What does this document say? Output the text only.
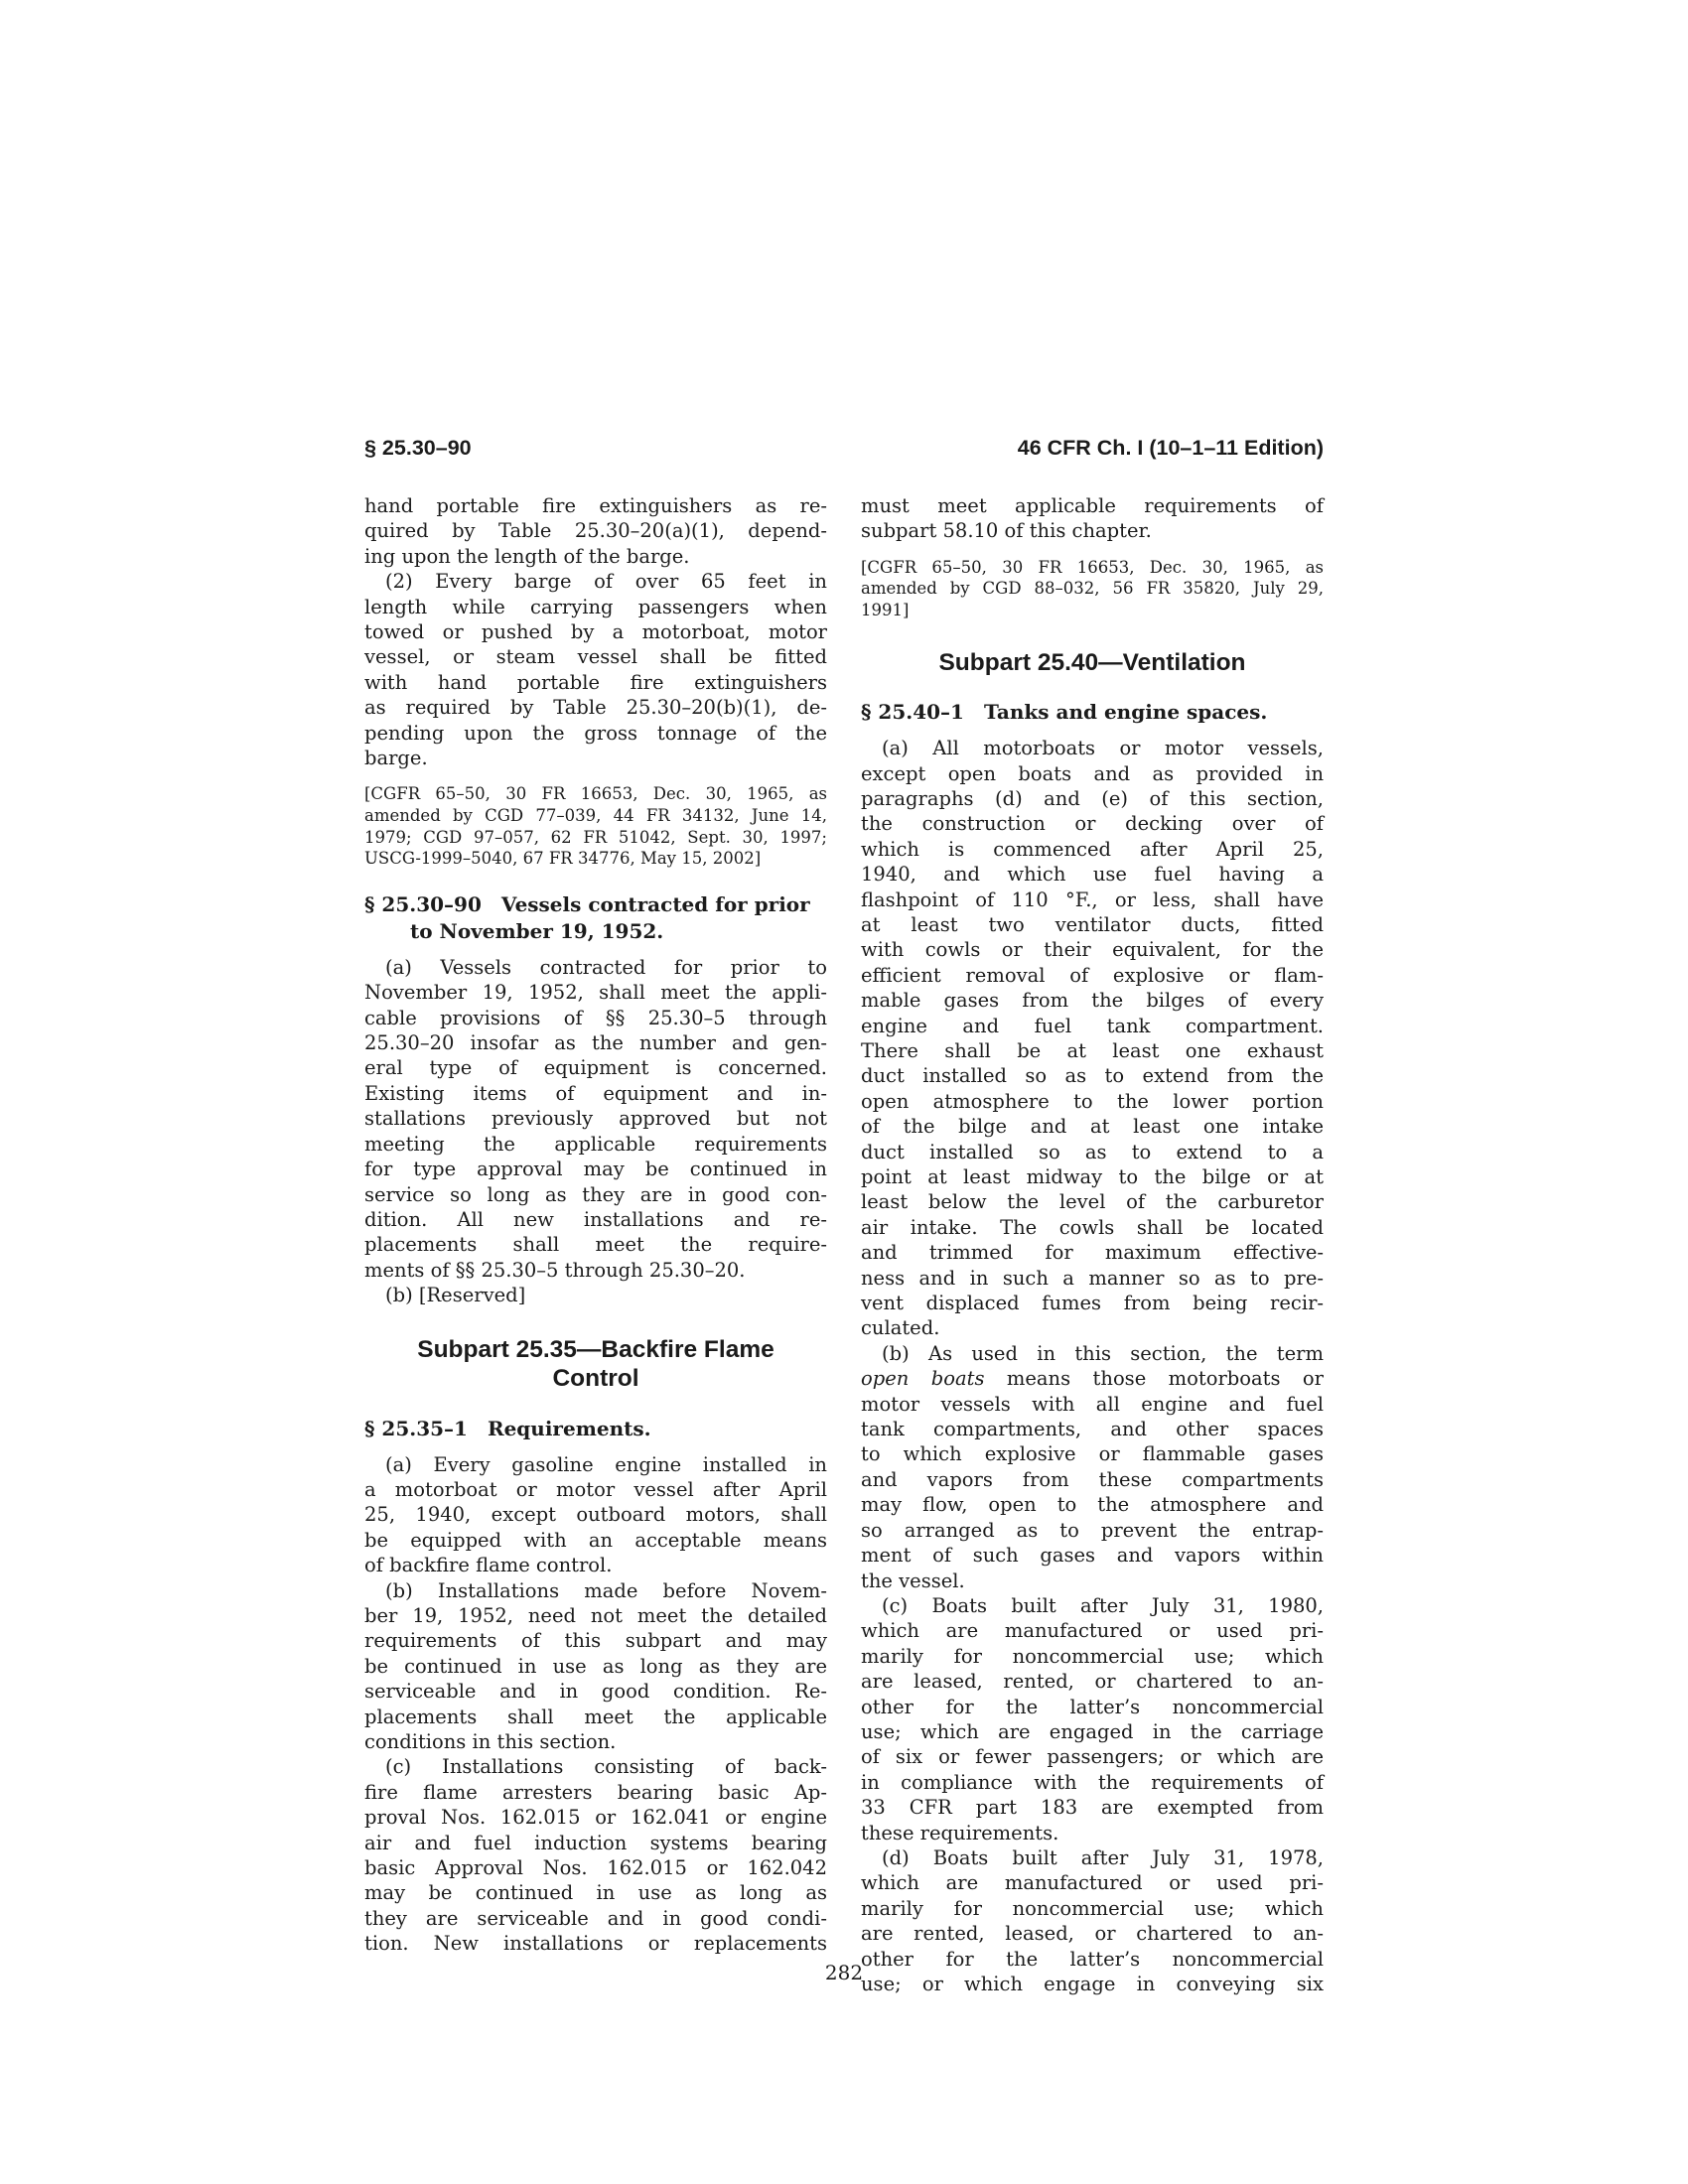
§ 25.30–90	46 CFR Ch. I (10–1–11 Edition)
hand portable fire extinguishers as re-
quired by Table 25.30–20(a)(1), depend-
ing upon the length of the barge.
(2) Every barge of over 65 feet in
length while carrying passengers when
towed or pushed by a motorboat, motor
vessel, or steam vessel shall be fitted
with hand portable fire extinguishers
as required by Table 25.30–20(b)(1), de-
pending upon the gross tonnage of the
barge.
[CGFR 65–50, 30 FR 16653, Dec. 30, 1965, as
amended by CGD 77–039, 44 FR 34132, June 14,
1979; CGD 97–057, 62 FR 51042, Sept. 30, 1997;
USCG-1999–5040, 67 FR 34776, May 15, 2002]
§ 25.30–90 Vessels contracted for prior
to November 19, 1952.
(a) Vessels contracted for prior to
November 19, 1952, shall meet the appli-
cable provisions of §§ 25.30–5 through
25.30–20 insofar as the number and gen-
eral type of equipment is concerned.
Existing items of equipment and in-
stallations previously approved but not
meeting the applicable requirements
for type approval may be continued in
service so long as they are in good con-
dition. All new installations and re-
placements shall meet the require-
ments of §§ 25.30–5 through 25.30–20.
(b) [Reserved]
Subpart 25.35—Backfire Flame
Control
§ 25.35–1 Requirements.
(a) Every gasoline engine installed in
a motorboat or motor vessel after April
25, 1940, except outboard motors, shall
be equipped with an acceptable means
of backfire flame control.
(b) Installations made before Novem-
ber 19, 1952, need not meet the detailed
requirements of this subpart and may
be continued in use as long as they are
serviceable and in good condition. Re-
placements shall meet the applicable
conditions in this section.
(c) Installations consisting of back-
fire flame arresters bearing basic Ap-
proval Nos. 162.015 or 162.041 or engine
air and fuel induction systems bearing
basic Approval Nos. 162.015 or 162.042
may be continued in use as long as
they are serviceable and in good condi-
tion. New installations or replacements
must meet applicable requirements of
subpart 58.10 of this chapter.
[CGFR 65–50, 30 FR 16653, Dec. 30, 1965, as
amended by CGD 88–032, 56 FR 35820, July 29,
1991]
Subpart 25.40—Ventilation
§ 25.40–1 Tanks and engine spaces.
(a) All motorboats or motor vessels,
except open boats and as provided in
paragraphs (d) and (e) of this section,
the construction or decking over of
which is commenced after April 25,
1940, and which use fuel having a
flashpoint of 110 °F., or less, shall have
at least two ventilator ducts, fitted
with cowls or their equivalent, for the
efficient removal of explosive or flam-
mable gases from the bilges of every
engine and fuel tank compartment.
There shall be at least one exhaust
duct installed so as to extend from the
open atmosphere to the lower portion
of the bilge and at least one intake
duct installed so as to extend to a
point at least midway to the bilge or at
least below the level of the carburetor
air intake. The cowls shall be located
and trimmed for maximum effective-
ness and in such a manner so as to pre-
vent displaced fumes from being recir-
culated.
(b) As used in this section, the term
open boats means those motorboats or
motor vessels with all engine and fuel
tank compartments, and other spaces
to which explosive or flammable gases
and vapors from these compartments
may flow, open to the atmosphere and
so arranged as to prevent the entrap-
ment of such gases and vapors within
the vessel.
(c) Boats built after July 31, 1980,
which are manufactured or used pri-
marily for noncommercial use; which
are leased, rented, or chartered to an-
other for the latter’s noncommercial
use; which are engaged in the carriage
of six or fewer passengers; or which are
in compliance with the requirements of
33 CFR part 183 are exempted from
these requirements.
(d) Boats built after July 31, 1978,
which are manufactured or used pri-
marily for noncommercial use; which
are rented, leased, or chartered to an-
other for the latter’s noncommercial
use; or which engage in conveying six
282
